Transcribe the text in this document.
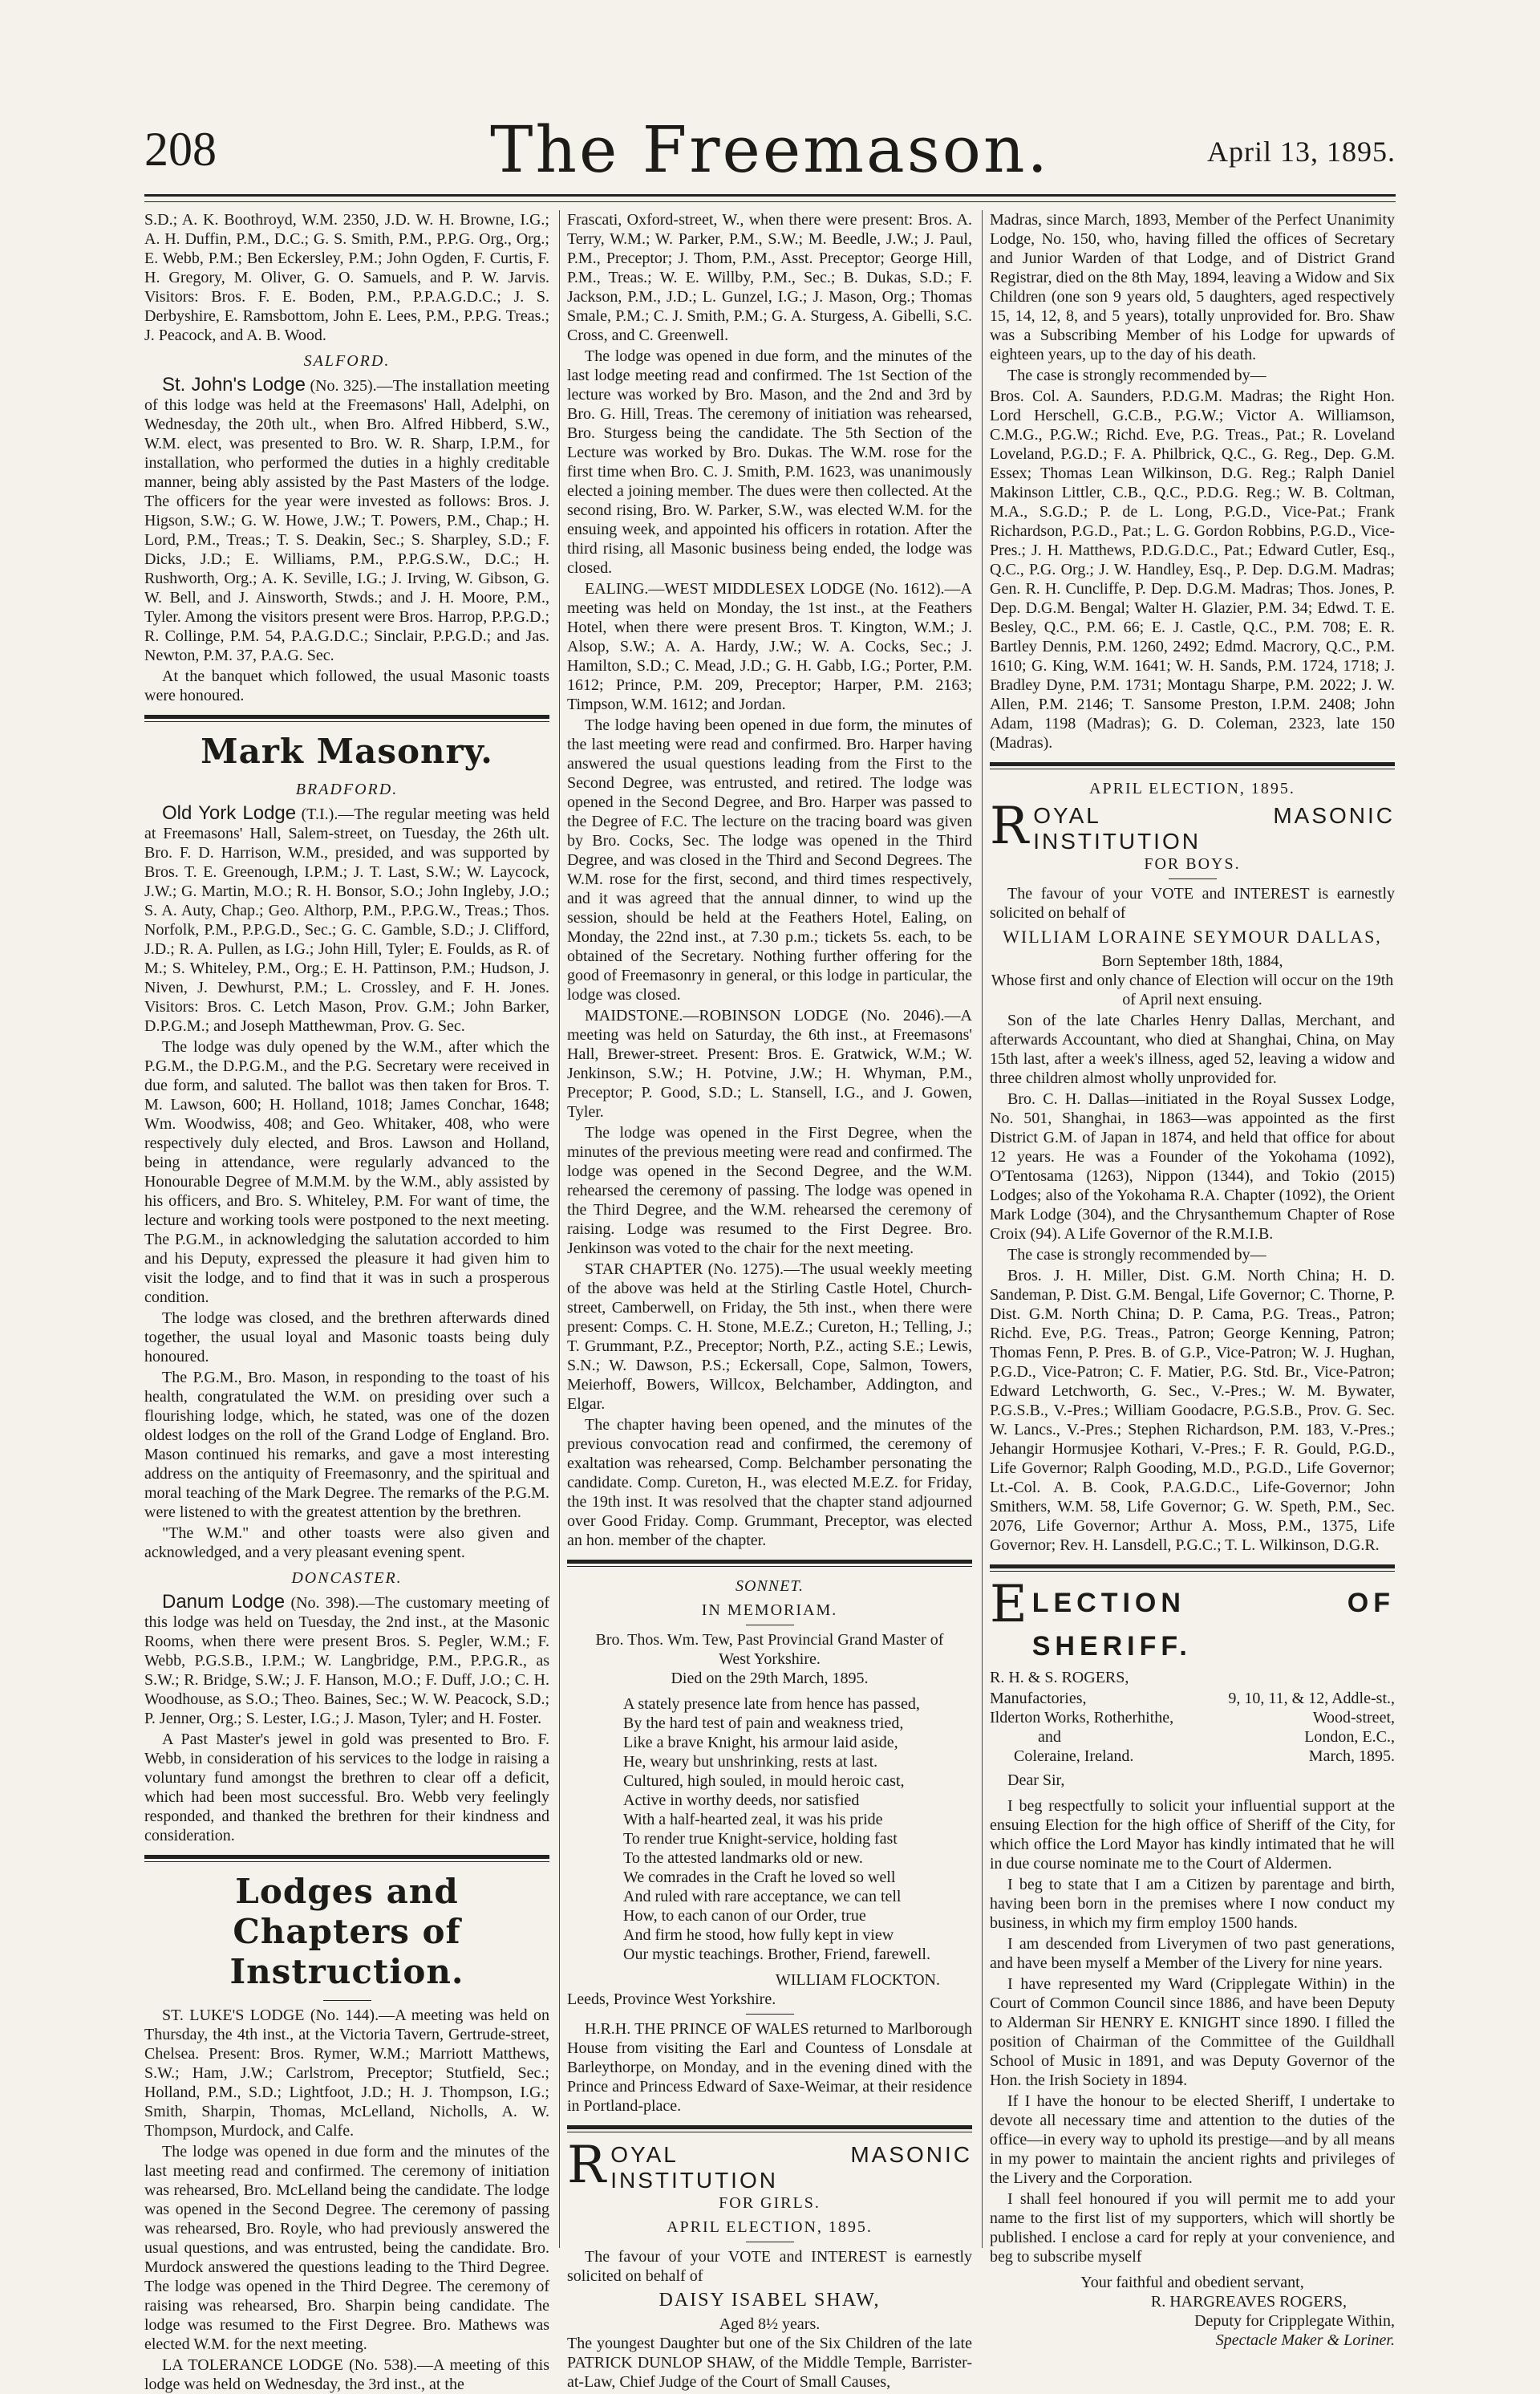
208	The Freemason.	April 13, 1895.

S.D.; A. K. Boothroyd, W.M. 2350, J.D. W. H. Browne, I.G.; A. H. Duffin, P.M., D.C.; G. S. Smith, P.M., P.P.G. Org., Org.; E. Webb, P.M.; Ben Eckersley, P.M.; John Ogden, F. Curtis, F. H. Gregory, M. Oliver, G. O. Samuels, and P. W. Jarvis. Visitors: Bros. F. E. Boden, P.M., P.P.A.G.D.C.; J. S. Derbyshire, E. Ramsbottom, John E. Lees, P.M., P.P.G. Treas.; J. Peacock, and A. B. Wood.

SALFORD.

St. John's Lodge (No. 325).—The installation meeting of this lodge was held at the Freemasons' Hall, Adelphi, on Wednesday, the 20th ult., when Bro. Alfred Hibberd, S.W., W.M. elect, was presented to Bro. W. R. Sharp, I.P.M., for installation, who performed the duties in a highly creditable manner, being ably assisted by the Past Masters of the lodge. The officers for the year were invested as follows: Bros. J. Higson, S.W.; G. W. Howe, J.W.; T. Powers, P.M., Chap.; H. Lord, P.M., Treas.; T. S. Deakin, Sec.; S. Sharpley, S.D.; F. Dicks, J.D.; E. Williams, P.M., P.P.G.S.W., D.C.; H. Rushworth, Org.; A. K. Seville, I.G.; J. Irving, W. Gibson, G. W. Bell, and J. Ainsworth, Stwds.; and J. H. Moore, P.M., Tyler. Among the visitors present were Bros. Harrop, P.P.G.D.; R. Collinge, P.M. 54, P.A.G.D.C.; Sinclair, P.P.G.D.; and Jas. Newton, P.M. 37, P.A.G. Sec.

At the banquet which followed, the usual Masonic toasts were honoured.

Mark Masonry.
BRADFORD.

Old York Lodge (T.I.).—The regular meeting was held at Freemasons' Hall, Salem-street, on Tuesday, the 26th ult. Bro. F. D. Harrison, W.M., presided, and was supported by Bros. T. E. Greenough, I.P.M.; J. T. Last, S.W.; W. Laycock, J.W.; G. Martin, M.O.; R. H. Bonsor, S.O.; John Ingleby, J.O.; S. A. Auty, Chap.; Geo. Althorp, P.M., P.P.G.W., Treas.; Thos. Norfolk, P.M., P.P.G.D., Sec.; G. C. Gamble, S.D.; J. Clifford, J.D.; R. A. Pullen, as I.G.; John Hill, Tyler; E. Foulds, as R. of M.; S. Whiteley, P.M., Org.; E. H. Pattinson, P.M.; Hudson, J. Niven, J. Dewhurst, P.M.; L. Crossley, and F. H. Jones. Visitors: Bros. C. Letch Mason, Prov. G.M.; John Barker, D.P.G.M.; and Joseph Matthewman, Prov. G. Sec.

The lodge was duly opened by the W.M., after which the P.G.M., the D.P.G.M., and the P.G. Secretary were received in due form, and saluted. The ballot was then taken for Bros. T. M. Lawson, 600; H. Holland, 1018; James Conchar, 1648; Wm. Woodwiss, 408; and Geo. Whitaker, 408, who were respectively duly elected, and Bros. Lawson and Holland, being in attendance, were regularly advanced to the Honourable Degree of M.M.M. by the W.M., ably assisted by his officers, and Bro. S. Whiteley, P.M. For want of time, the lecture and working tools were postponed to the next meeting. The P.G.M., in acknowledging the salutation accorded to him and his Deputy, expressed the pleasure it had given him to visit the lodge, and to find that it was in such a prosperous condition.

The lodge was closed, and the brethren afterwards dined together, the usual loyal and Masonic toasts being duly honoured.

The P.G.M., Bro. Mason, in responding to the toast of his health, congratulated the W.M. on presiding over such a flourishing lodge, which, he stated, was one of the dozen oldest lodges on the roll of the Grand Lodge of England. Bro. Mason continued his remarks, and gave a most interesting address on the antiquity of Freemasonry, and the spiritual and moral teaching of the Mark Degree. The remarks of the P.G.M. were listened to with the greatest attention by the brethren.

"The W.M." and other toasts were also given and acknowledged, and a very pleasant evening spent.

DONCASTER.

Danum Lodge (No. 398).—The customary meeting of this lodge was held on Tuesday, the 2nd inst., at the Masonic Rooms, when there were present Bros. S. Pegler, W.M.; F. Webb, P.G.S.B., I.P.M.; W. Langbridge, P.M., P.P.G.R., as S.W.; R. Bridge, S.W.; J. F. Hanson, M.O.; F. Duff, J.O.; C. H. Woodhouse, as S.O.; Theo. Baines, Sec.; W. W. Peacock, S.D.; P. Jenner, Org.; S. Lester, I.G.; J. Mason, Tyler; and H. Foster.

A Past Master's jewel in gold was presented to Bro. F. Webb, in consideration of his services to the lodge in raising a voluntary fund amongst the brethren to clear off a deficit, which had been most successful. Bro. Webb very feelingly responded, and thanked the brethren for their kindness and consideration.

Lodges and Chapters of
Instruction.

ST. LUKE'S LODGE (No. 144).—A meeting was held on Thursday, the 4th inst., at the Victoria Tavern, Gertrude-street, Chelsea. Present: Bros. Rymer, W.M.; Marriott Matthews, S.W.; Ham, J.W.; Carlstrom, Preceptor; Stutfield, Sec.; Holland, P.M., S.D.; Lightfoot, J.D.; H. J. Thompson, I.G.; Smith, Sharpin, Thomas, McLelland, Nicholls, A. W. Thompson, Murdock, and Calfe.

The lodge was opened in due form and the minutes of the last meeting read and confirmed. The ceremony of initiation was rehearsed, Bro. McLelland being the candidate. The lodge was opened in the Second Degree. The ceremony of passing was rehearsed, Bro. Royle, who had previously answered the usual questions, and was entrusted, being the candidate. Bro. Murdock answered the questions leading to the Third Degree. The lodge was opened in the Third Degree. The ceremony of raising was rehearsed, Bro. Sharpin being candidate. The lodge was resumed to the First Degree. Bro. Mathews was elected W.M. for the next meeting.

LA TOLERANCE LODGE (No. 538).—A meeting of this lodge was held on Wednesday, the 3rd inst., at the

Frascati, Oxford-street, W., when there were present: Bros. A. Terry, W.M.; W. Parker, P.M., S.W.; M. Beedle, J.W.; J. Paul, P.M., Preceptor; J. Thom, P.M., Asst. Preceptor; George Hill, P.M., Treas.; W. E. Willby, P.M., Sec.; B. Dukas, S.D.; F. Jackson, P.M., J.D.; L. Gunzel, I.G.; J. Mason, Org.; Thomas Smale, P.M.; C. J. Smith, P.M.; G. A. Sturgess, A. Gibelli, S.C. Cross, and C. Greenwell.

The lodge was opened in due form, and the minutes of the last lodge meeting read and confirmed. The 1st Section of the lecture was worked by Bro. Mason, and the 2nd and 3rd by Bro. G. Hill, Treas. The ceremony of initiation was rehearsed, Bro. Sturgess being the candidate. The 5th Section of the Lecture was worked by Bro. Dukas. The W.M. rose for the first time when Bro. C. J. Smith, P.M. 1623, was unanimously elected a joining member. The dues were then collected. At the second rising, Bro. W. Parker, S.W., was elected W.M. for the ensuing week, and appointed his officers in rotation. After the third rising, all Masonic business being ended, the lodge was closed.

EALING.—WEST MIDDLESEX LODGE (No. 1612).—A meeting was held on Monday, the 1st inst., at the Feathers Hotel, when there were present Bros. T. Kington, W.M.; J. Alsop, S.W.; A. A. Hardy, J.W.; W. A. Cocks, Sec.; J. Hamilton, S.D.; C. Mead, J.D.; G. H. Gabb, I.G.; Porter, P.M. 1612; Prince, P.M. 209, Preceptor; Harper, P.M. 2163; Timpson, W.M. 1612; and Jordan.

The lodge having been opened in due form, the minutes of the last meeting were read and confirmed. Bro. Harper having answered the usual questions leading from the First to the Second Degree, was entrusted, and retired. The lodge was opened in the Second Degree, and Bro. Harper was passed to the Degree of F.C. The lecture on the tracing board was given by Bro. Cocks, Sec. The lodge was opened in the Third Degree, and was closed in the Third and Second Degrees. The W.M. rose for the first, second, and third times respectively, and it was agreed that the annual dinner, to wind up the session, should be held at the Feathers Hotel, Ealing, on Monday, the 22nd inst., at 7.30 p.m.; tickets 5s. each, to be obtained of the Secretary. Nothing further offering for the good of Freemasonry in general, or this lodge in particular, the lodge was closed.

MAIDSTONE.—ROBINSON LODGE (No. 2046).—A meeting was held on Saturday, the 6th inst., at Freemasons' Hall, Brewer-street. Present: Bros. E. Gratwick, W.M.; W. Jenkinson, S.W.; H. Potvine, J.W.; H. Whyman, P.M., Preceptor; P. Good, S.D.; L. Stansell, I.G., and J. Gowen, Tyler.

The lodge was opened in the First Degree, when the minutes of the previous meeting were read and confirmed. The lodge was opened in the Second Degree, and the W.M. rehearsed the ceremony of passing. The lodge was opened in the Third Degree, and the W.M. rehearsed the ceremony of raising. Lodge was resumed to the First Degree. Bro. Jenkinson was voted to the chair for the next meeting.

STAR CHAPTER (No. 1275).—The usual weekly meeting of the above was held at the Stirling Castle Hotel, Church-street, Camberwell, on Friday, the 5th inst., when there were present: Comps. C. H. Stone, M.E.Z.; Cureton, H.; Telling, J.; T. Grummant, P.Z., Preceptor; North, P.Z., acting S.E.; Lewis, S.N.; W. Dawson, P.S.; Eckersall, Cope, Salmon, Towers, Meierhoff, Bowers, Willcox, Belchamber, Addington, and Elgar.

The chapter having been opened, and the minutes of the previous convocation read and confirmed, the ceremony of exaltation was rehearsed, Comp. Belchamber personating the candidate. Comp. Cureton, H., was elected M.E.Z. for Friday, the 19th inst. It was resolved that the chapter stand adjourned over Good Friday. Comp. Grummant, Preceptor, was elected an hon. member of the chapter.

SONNET.
IN MEMORIAM.
Bro. Thos. Wm. Tew, Past Provincial Grand Master of West Yorkshire.
Died on the 29th March, 1895.
A stately presence late from hence has passed,
By the hard test of pain and weakness tried,
Like a brave Knight, his armour laid aside,
He, weary but unshrinking, rests at last.
Cultured, high souled, in mould heroic cast,
Active in worthy deeds, nor satisfied
With a half-hearted zeal, it was his pride
To render true Knight-service, holding fast
To the attested landmarks old or new.
We comrades in the Craft he loved so well
And ruled with rare acceptance, we can tell
How, to each canon of our Order, true
And firm he stood, how fully kept in view
Our mystic teachings. Brother, Friend, farewell.
WILLIAM FLOCKTON.

Leeds, Province West Yorkshire.

H.R.H. THE PRINCE OF WALES returned to Marlborough House from visiting the Earl and Countess of Lonsdale at Barleythorpe, on Monday, and in the evening dined with the Prince and Princess Edward of Saxe-Weimar, at their residence in Portland-place.

R OYAL MASONIC INSTITUTION
FOR GIRLS.
APRIL ELECTION, 1895.

The favour of your VOTE and INTEREST is earnestly solicited on behalf of

DAISY ISABEL SHAW,
Aged 8½ years.

The youngest Daughter but one of the Six Children of the late PATRICK DUNLOP SHAW, of the Middle Temple, Barrister-at-Law, Chief Judge of the Court of Small Causes,

Madras, since March, 1893, Member of the Perfect Unanimity Lodge, No. 150, who, having filled the offices of Secretary and Junior Warden of that Lodge, and of District Grand Registrar, died on the 8th May, 1894, leaving a Widow and Six Children (one son 9 years old, 5 daughters, aged respectively 15, 14, 12, 8, and 5 years), totally unprovided for. Bro. Shaw was a Subscribing Member of his Lodge for upwards of eighteen years, up to the day of his death.

The case is strongly recommended by—

Bros. Col. A. Saunders, P.D.G.M. Madras; the Right Hon. Lord Herschell, G.C.B., P.G.W.; Victor A. Williamson, C.M.G., P.G.W.; Richd. Eve, P.G. Treas., Pat.; R. Loveland Loveland, P.G.D.; F. A. Philbrick, Q.C., G. Reg., Dep. G.M. Essex; Thomas Lean Wilkinson, D.G. Reg.; Ralph Daniel Makinson Littler, C.B., Q.C., P.D.G. Reg.; W. B. Coltman, M.A., S.G.D.; P. de L. Long, P.G.D., Vice-Pat.; Frank Richardson, P.G.D., Pat.; L. G. Gordon Robbins, P.G.D., Vice-Pres.; J. H. Matthews, P.D.G.D.C., Pat.; Edward Cutler, Esq., Q.C., P.G. Org.; J. W. Handley, Esq., P. Dep. D.G.M. Madras; Gen. R. H. Cuncliffe, P. Dep. D.G.M. Madras; Thos. Jones, P. Dep. D.G.M. Bengal; Walter H. Glazier, P.M. 34; Edwd. T. E. Besley, Q.C., P.M. 66; E. J. Castle, Q.C., P.M. 708; E. R. Bartley Dennis, P.M. 1260, 2492; Edmd. Macrory, Q.C., P.M. 1610; G. King, W.M. 1641; W. H. Sands, P.M. 1724, 1718; J. Bradley Dyne, P.M. 1731; Montagu Sharpe, P.M. 2022; J. W. Allen, P.M. 2146; T. Sansome Preston, I.P.M. 2408; John Adam, 1198 (Madras); G. D. Coleman, 2323, late 150 (Madras).

APRIL ELECTION, 1895.
R OYAL MASONIC INSTITUTION
FOR BOYS.

The favour of your VOTE and INTEREST is earnestly solicited on behalf of

WILLIAM LORAINE SEYMOUR DALLAS,
Born September 18th, 1884,

Whose first and only chance of Election will occur on the 19th of April next ensuing.

Son of the late Charles Henry Dallas, Merchant, and afterwards Accountant, who died at Shanghai, China, on May 15th last, after a week's illness, aged 52, leaving a widow and three children almost wholly unprovided for.

Bro. C. H. Dallas—initiated in the Royal Sussex Lodge, No. 501, Shanghai, in 1863—was appointed as the first District G.M. of Japan in 1874, and held that office for about 12 years. He was a Founder of the Yokohama (1092), O'Tentosama (1263), Nippon (1344), and Tokio (2015) Lodges; also of the Yokohama R.A. Chapter (1092), the Orient Mark Lodge (304), and the Chrysanthemum Chapter of Rose Croix (94). A Life Governor of the R.M.I.B.

The case is strongly recommended by—

Bros. J. H. Miller, Dist. G.M. North China; H. D. Sandeman, P. Dist. G.M. Bengal, Life Governor; C. Thorne, P. Dist. G.M. North China; D. P. Cama, P.G. Treas., Patron; Richd. Eve, P.G. Treas., Patron; George Kenning, Patron; Thomas Fenn, P. Pres. B. of G.P., Vice-Patron; W. J. Hughan, P.G.D., Vice-Patron; C. F. Matier, P.G. Std. Br., Vice-Patron; Edward Letchworth, G. Sec., V.-Pres.; W. M. Bywater, P.G.S.B., V.-Pres.; William Goodacre, P.G.S.B., Prov. G. Sec. W. Lancs., V.-Pres.; Stephen Richardson, P.M. 183, V.-Pres.; Jehangir Hormusjee Kothari, V.-Pres.; F. R. Gould, P.G.D., Life Governor; Ralph Gooding, M.D., P.G.D., Life Governor; Lt.-Col. A. B. Cook, P.A.G.D.C., Life-Governor; John Smithers, W.M. 58, Life Governor; G. W. Speth, P.M., Sec. 2076, Life Governor; Arthur A. Moss, P.M., 1375, Life Governor; Rev. H. Lansdell, P.G.C.; T. L. Wilkinson, D.G.R.

E LECTION OF SHERIFF.

R. H. & S. ROGERS,

Manufactories,	9, 10, 11, & 12, Addle-st.,
Ilderton Works, Rotherhithe,	Wood-street,
and	London, E.C.,
Coleraine, Ireland.	March, 1895.

Dear Sir,

I beg respectfully to solicit your influential support at the ensuing Election for the high office of Sheriff of the City, for which office the Lord Mayor has kindly intimated that he will in due course nominate me to the Court of Aldermen.

I beg to state that I am a Citizen by parentage and birth, having been born in the premises where I now conduct my business, in which my firm employ 1500 hands.

I am descended from Liverymen of two past generations, and have been myself a Member of the Livery for nine years.

I have represented my Ward (Cripplegate Within) in the Court of Common Council since 1886, and have been Deputy to Alderman Sir HENRY E. KNIGHT since 1890. I filled the position of Chairman of the Committee of the Guildhall School of Music in 1891, and was Deputy Governor of the Hon. the Irish Society in 1894.

If I have the honour to be elected Sheriff, I undertake to devote all necessary time and attention to the duties of the office—in every way to uphold its prestige—and by all means in my power to maintain the ancient rights and privileges of the Livery and the Corporation.

I shall feel honoured if you will permit me to add your name to the first list of my supporters, which will shortly be published. I enclose a card for reply at your convenience, and beg to subscribe myself

Your faithful and obedient servant,
R. HARGREAVES ROGERS,
Deputy for Cripplegate Within,
Spectacle Maker & Loriner.
